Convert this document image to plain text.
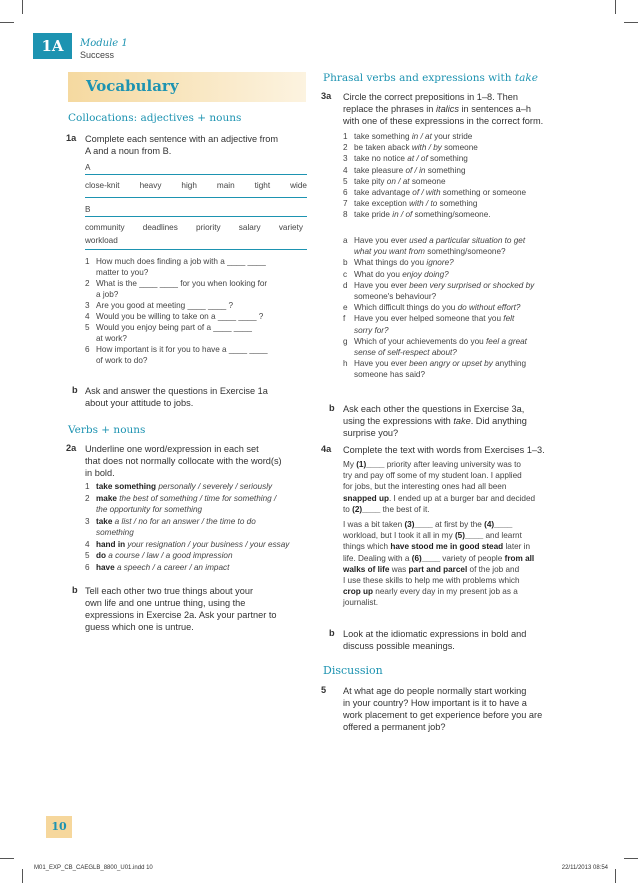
1A	Module 1
Success
Vocabulary
Collocations: adjectives + nouns
1a Complete each sentence with an adjective from
A and a noun from B.
A
close-knit heavy high main tight wide
B
community deadlines priority salary variety
workload
1 How much does finding a job with a ____ ____
matter to you?
2 What is the ____ ____ for you when looking for
a job?
3 Are you good at meeting ____ ____ ?
4 Would you be willing to take on a ____ ____ ?
5 Would you enjoy being part of a ____ ____
at work?
6 How important is it for you to have a ____ ____
of work to do?
b Ask and answer the questions in Exercise 1a
about your attitude to jobs.
Verbs + nouns
2a Underline one word/expression in each set
that does not normally collocate with the word(s)
in bold.
1 take something personally / severely / seriously
2 make the best of something / time for something /
the opportunity for something
3 take a list / no for an answer / the time to do
something
4 hand in your resignation / your business / your essay
5 do a course / law / a good impression
6 have a speech / a career / an impact
b Tell each other two true things about your
own life and one untrue thing, using the
expressions in Exercise 2a. Ask your partner to
guess which one is untrue.
Phrasal verbs and expressions with take
3a Circle the correct prepositions in 1–8. Then
replace the phrases in italics in sentences a–h
with one of these expressions in the correct form.
1 take something in / at your stride
2 be taken aback with / by someone
3 take no notice at / of something
4 take pleasure of / in something
5 take pity on / at someone
6 take advantage of / with something or someone
7 take exception with / to something
8 take pride in / of something/someone.
a Have you ever used a particular situation to get
what you want from something/someone?
b What things do you ignore?
c What do you enjoy doing?
d Have you ever been very surprised or shocked by
someone's behaviour?
e Which difficult things do you do without effort?
f Have you ever helped someone that you felt
sorry for?
g Which of your achievements do you feel a great
sense of self-respect about?
h Have you ever been angry or upset by anything
someone has said?
b Ask each other the questions in Exercise 3a,
using the expressions with take. Did anything
surprise you?
4a Complete the text with words from Exercises 1–3.
My (1)____ priority after leaving university was to
try and pay off some of my student loan. I applied
for jobs, but the interesting ones had all been
snapped up. I ended up at a burger bar and decided
to (2)____ the best of it.
I was a bit taken (3)____ at first by the (4)____
workload, but I took it all in my (5)____ and learnt
things which have stood me in good stead later in
life. Dealing with a (6)____ variety of people from all
walks of life was part and parcel of the job and
I use these skills to help me with problems which
crop up nearly every day in my present job as a
journalist.
b Look at the idiomatic expressions in bold and
discuss possible meanings.
Discussion
5 At what age do people normally start working
in your country? How important is it to have a
work placement to get experience before you are
offered a permanent job?
10
M01_EXP_CB_CAEGLB_8800_U01.indd 10	22/11/2013 08:54
